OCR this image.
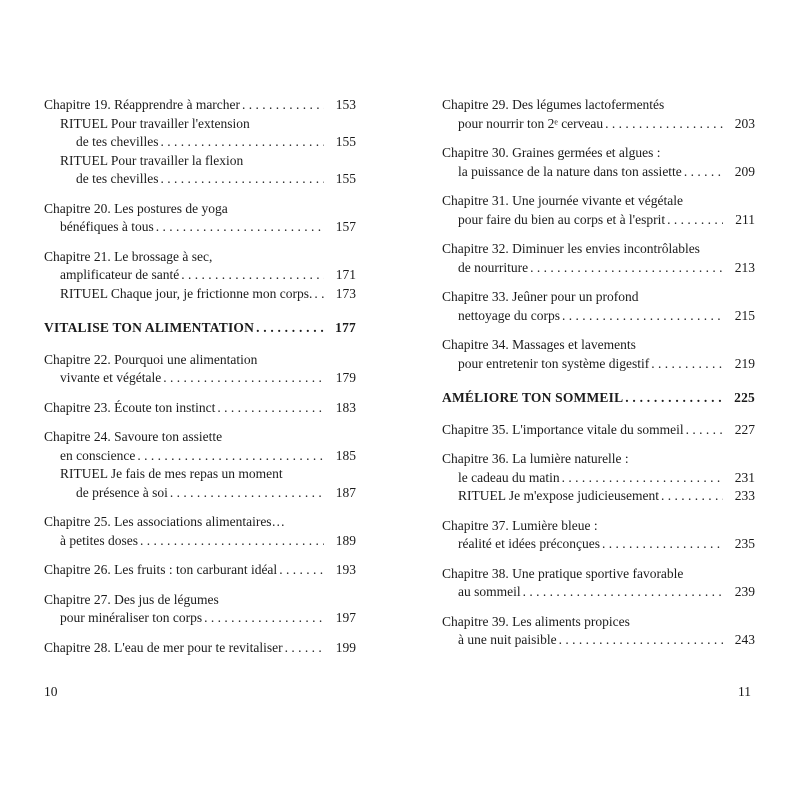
Chapitre 19. Réapprendre à marcher . . .	153
RITUEL Pour travailler l'extension
de tes chevilles . . .	155
RITUEL Pour travailler la flexion
de tes chevilles . . .	155
Chapitre 20. Les postures de yoga
bénéfiques à tous . . .	157
Chapitre 21. Le brossage à sec,
amplificateur de santé . . .	171
RITUEL Chaque jour, je frictionne mon corps. . . .	173
VITALISE TON ALIMENTATION . . .	177
Chapitre 22. Pourquoi une alimentation
vivante et végétale . . .	179
Chapitre 23. Écoute ton instinct . . .	183
Chapitre 24. Savoure ton assiette
en conscience . . .	185
RITUEL Je fais de mes repas un moment
de présence à soi . . .	187
Chapitre 25. Les associations alimentaires…
à petites doses . . .	189
Chapitre 26. Les fruits : ton carburant idéal . . .	193
Chapitre 27. Des jus de légumes
pour minéraliser ton corps . . .	197
Chapitre 28. L'eau de mer pour te revitaliser . . .	199
Chapitre 29. Des légumes lactofermentés
pour nourrir ton 2ᵉ cerveau . . .	203
Chapitre 30. Graines germées et algues :
la puissance de la nature dans ton assiette . . .	209
Chapitre 31. Une journée vivante et végétale
pour faire du bien au corps et à l'esprit . . .	211
Chapitre 32. Diminuer les envies incontrôlables
de nourriture . . .	213
Chapitre 33. Jeûner pour un profond
nettoyage du corps . . .	215
Chapitre 34. Massages et lavements
pour entretenir ton système digestif . . .	219
AMÉLIORE TON SOMMEIL . . .	225
Chapitre 35. L'importance vitale du sommeil . . .	227
Chapitre 36. La lumière naturelle :
le cadeau du matin . . .	231
RITUEL Je m'expose judicieusement . . .	233
Chapitre 37. Lumière bleue :
réalité et idées préconçues . . .	235
Chapitre 38. Une pratique sportive favorable
au sommeil . . .	239
Chapitre 39. Les aliments propices
à une nuit paisible . . .	243
10	11
